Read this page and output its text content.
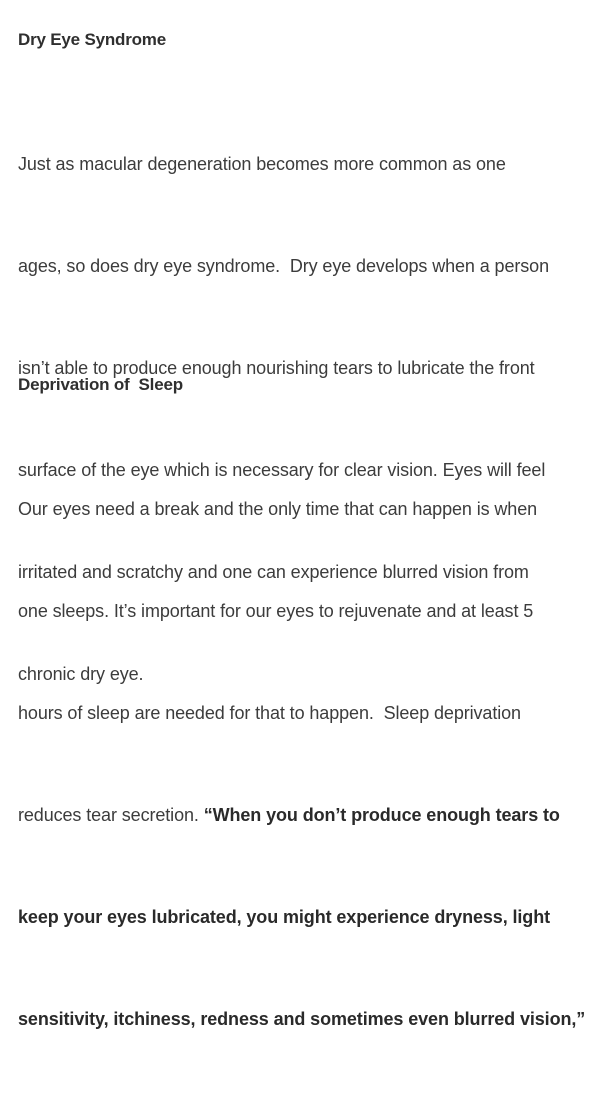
Dry Eye Syndrome

Just as macular degeneration becomes more common as one

ages, so does dry eye syndrome.  Dry eye develops when a person

isn’t able to produce enough nourishing tears to lubricate the front

surface of the eye which is necessary for clear vision. Eyes will feel

irritated and scratchy and one can experience blurred vision from

chronic dry eye.

Deprivation of  Sleep

Our eyes need a break and the only time that can happen is when

one sleeps. It’s important for our eyes to rejuvenate and at least 5

hours of sleep are needed for that to happen.  Sleep deprivation

reduces tear secretion. “When you don’t produce enough tears to

keep your eyes lubricated, you might experience dryness, light

sensitivity, itchiness, redness and sometimes even blurred vision,”
